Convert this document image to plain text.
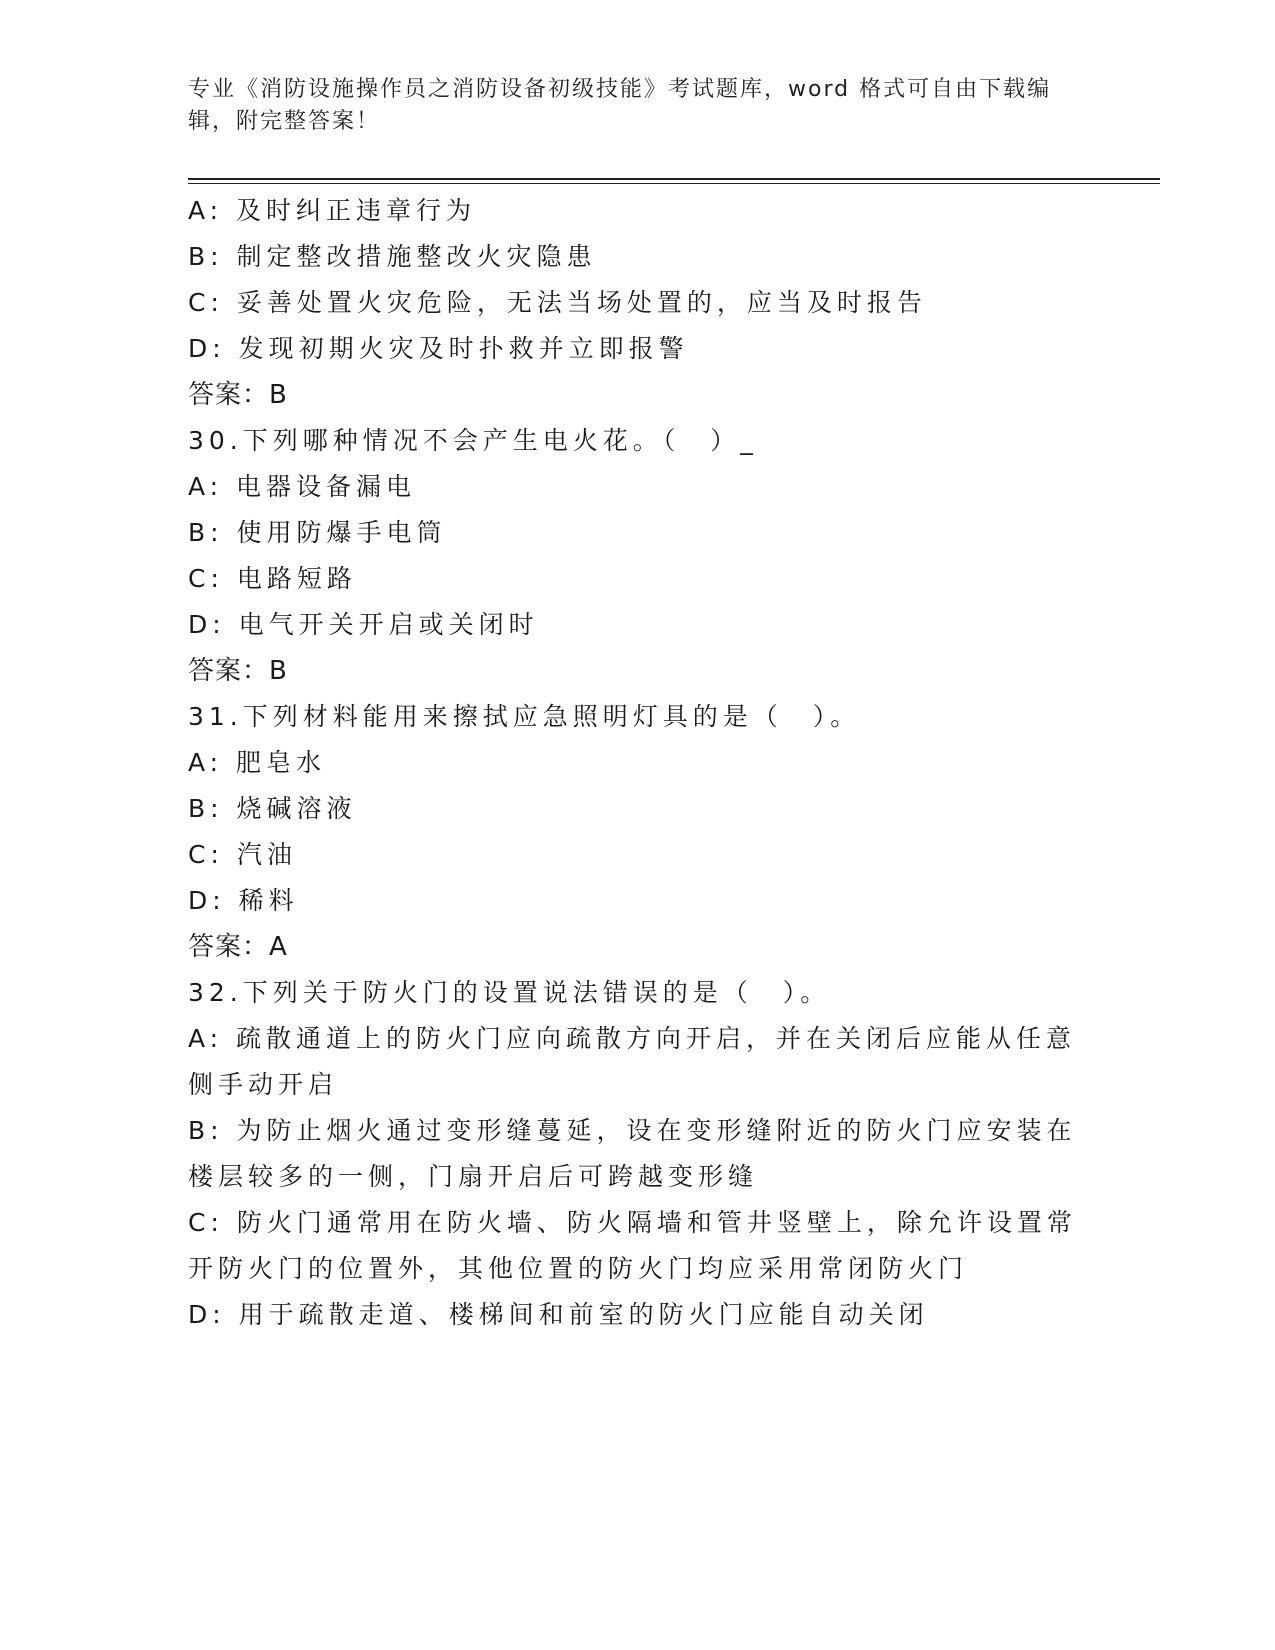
专业《消防设施操作员之消防设备初级技能》考试题库，word 格式可自由下载编辑，附完整答案！
A: 及时纠正违章行为
B: 制定整改措施整改火灾隐患
C: 妥善处置火灾危险，无法当场处置的，应当及时报告
D: 发现初期火灾及时扑救并立即报警
答案：B
30.下列哪种情况不会产生电火花。（　）_
A: 电器设备漏电
B: 使用防爆手电筒
C: 电路短路
D: 电气开关开启或关闭时
答案：B
31.下列材料能用来擦拭应急照明灯具的是（　）。
A: 肥皂水
B: 烧碱溶液
C: 汽油
D: 稀料
答案：A
32.下列关于防火门的设置说法错误的是（　）。
A: 疏散通道上的防火门应向疏散方向开启，并在关闭后应能从任意侧手动开启
B: 为防止烟火通过变形缝蔓延，设在变形缝附近的防火门应安装在楼层较多的一侧，门扇开启后可跨越变形缝
C: 防火门通常用在防火墙、防火隔墙和管井竖壁上，除允许设置常开防火门的位置外，其他位置的防火门均应采用常闭防火门
D: 用于疏散走道、楼梯间和前室的防火门应能自动关闭
